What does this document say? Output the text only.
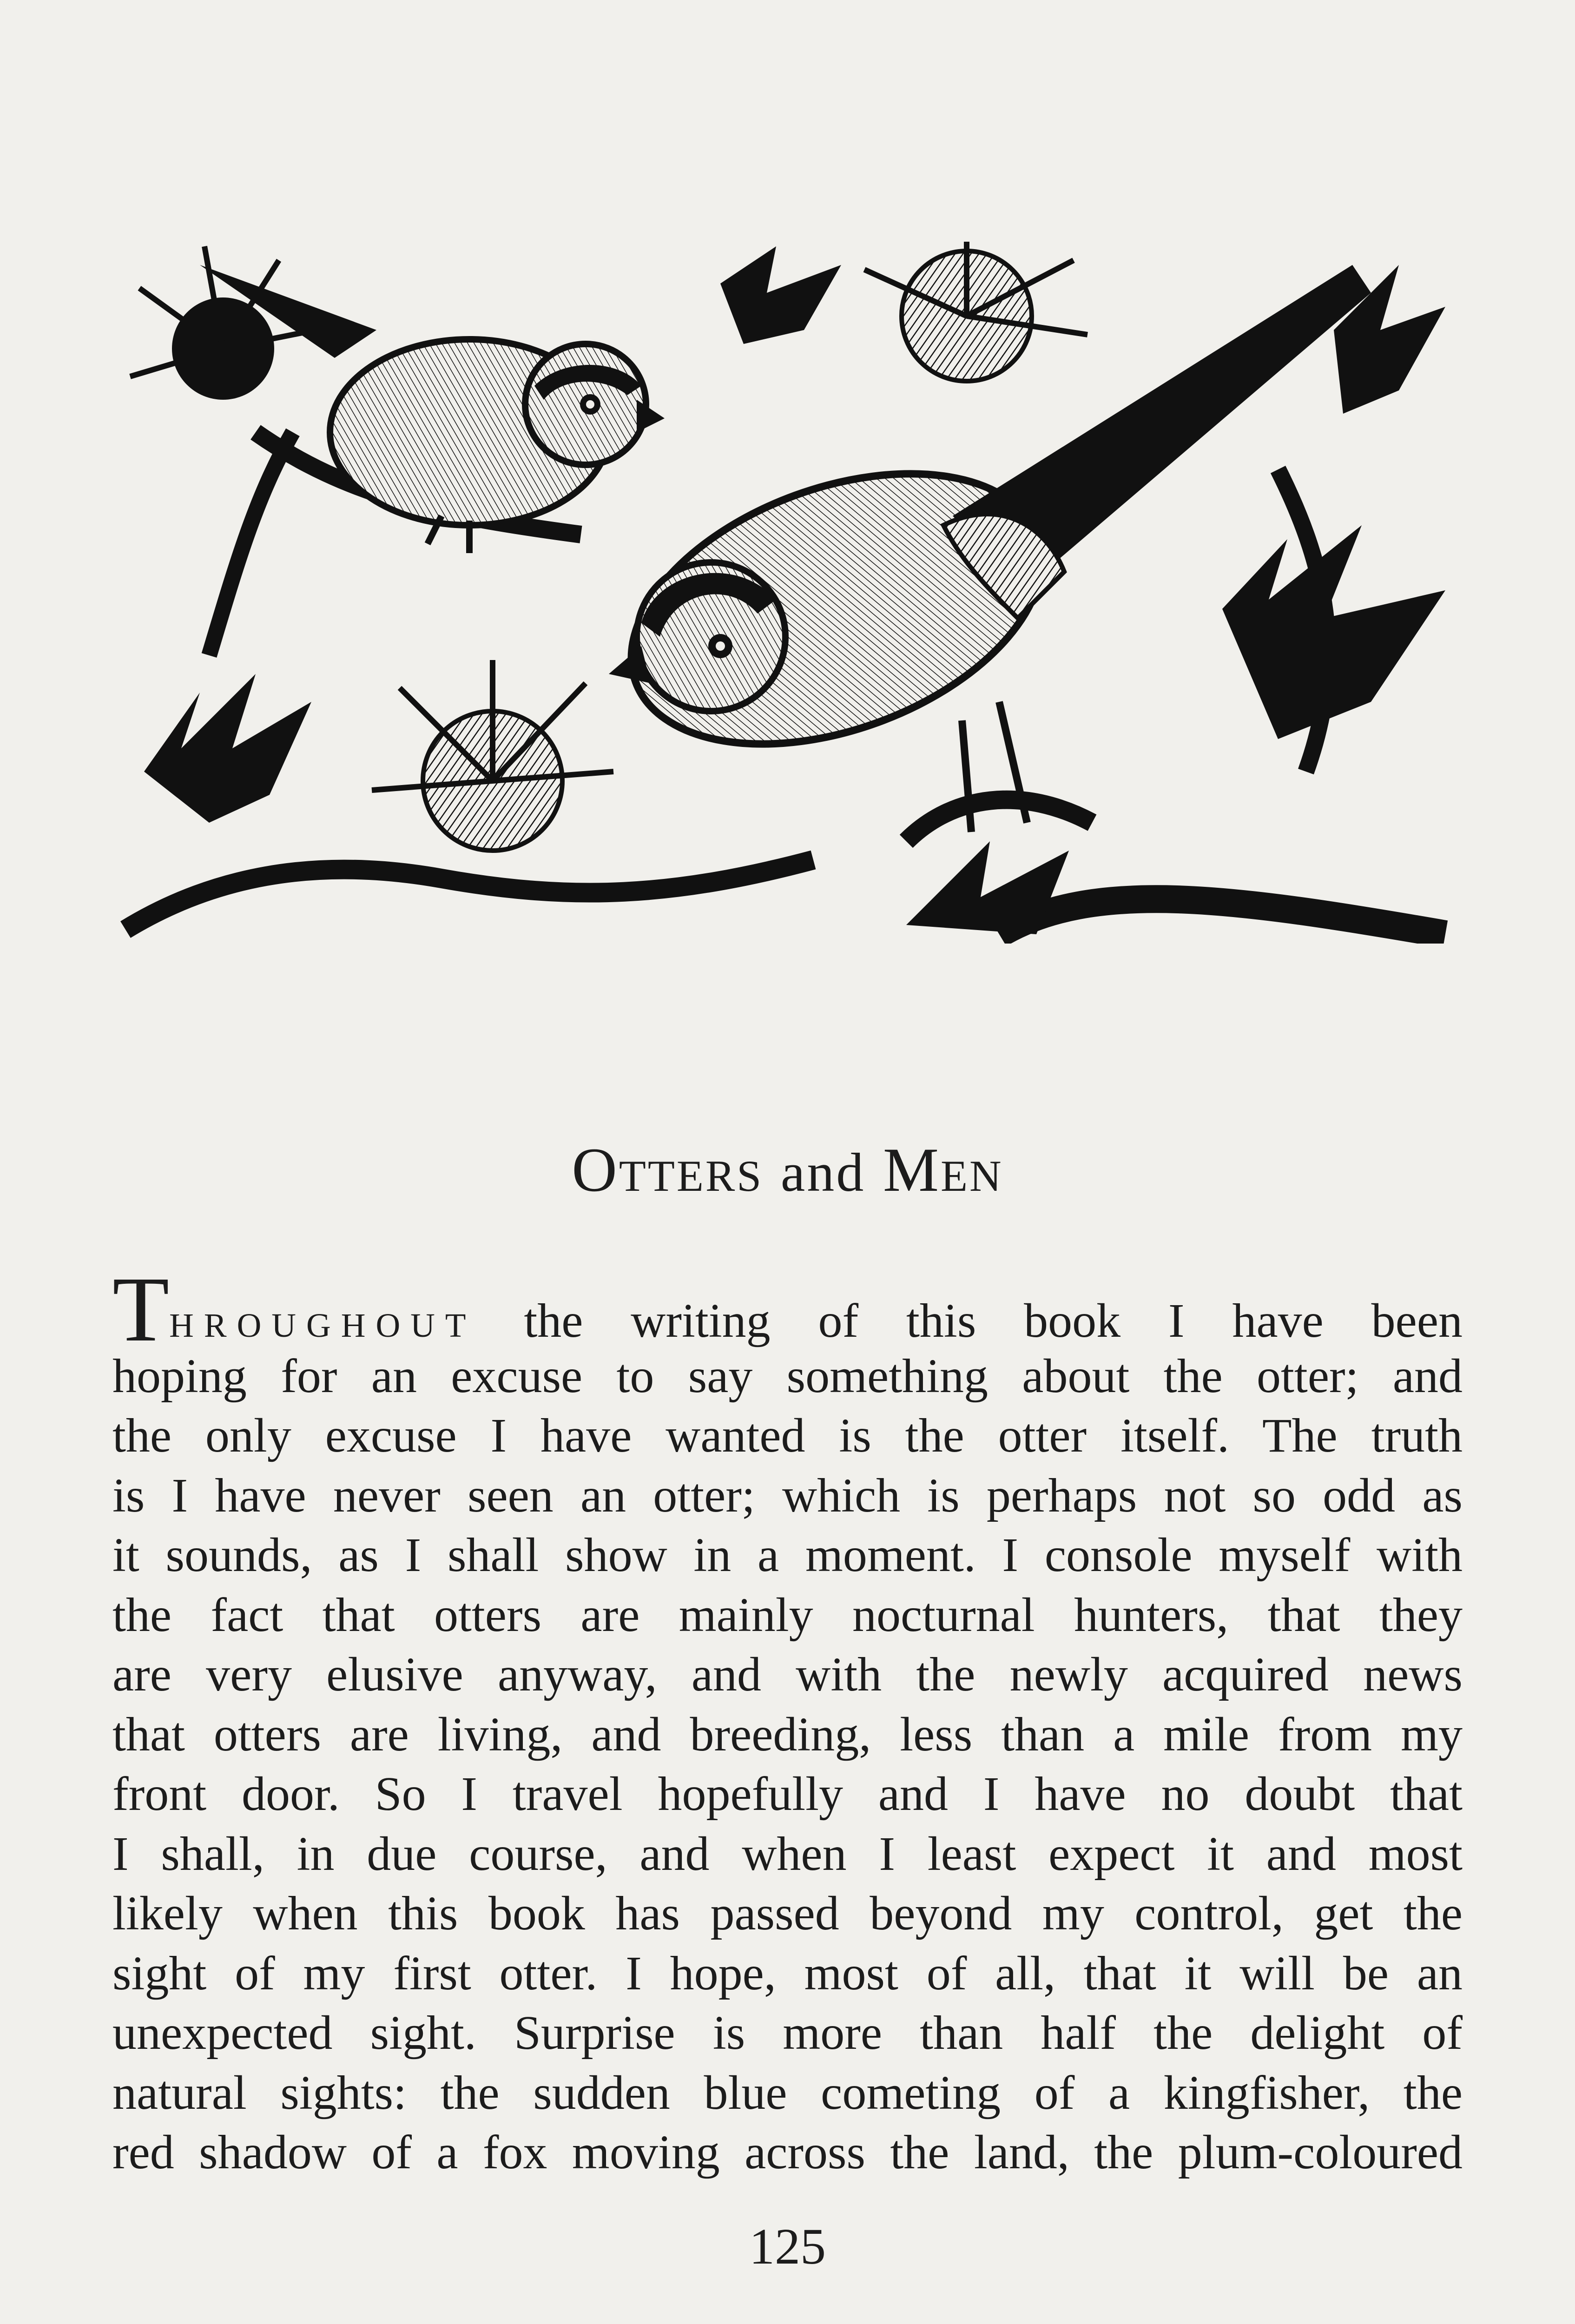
Otters and Men
Throughout the writing of this book I have been
hoping for an excuse to say something about the otter; and
the only excuse I have wanted is the otter itself. The truth
is I have never seen an otter; which is perhaps not so odd as
it sounds, as I shall show in a moment. I console myself with
the fact that otters are mainly nocturnal hunters, that they
are very elusive anyway, and with the newly acquired news
that otters are living, and breeding, less than a mile from my
front door. So I travel hopefully and I have no doubt that
I shall, in due course, and when I least expect it and most
likely when this book has passed beyond my control, get the
sight of my first otter. I hope, most of all, that it will be an
unexpected sight. Surprise is more than half the delight of
natural sights: the sudden blue cometing of a kingfisher, the
red shadow of a fox moving across the land, the plum-coloured
125
